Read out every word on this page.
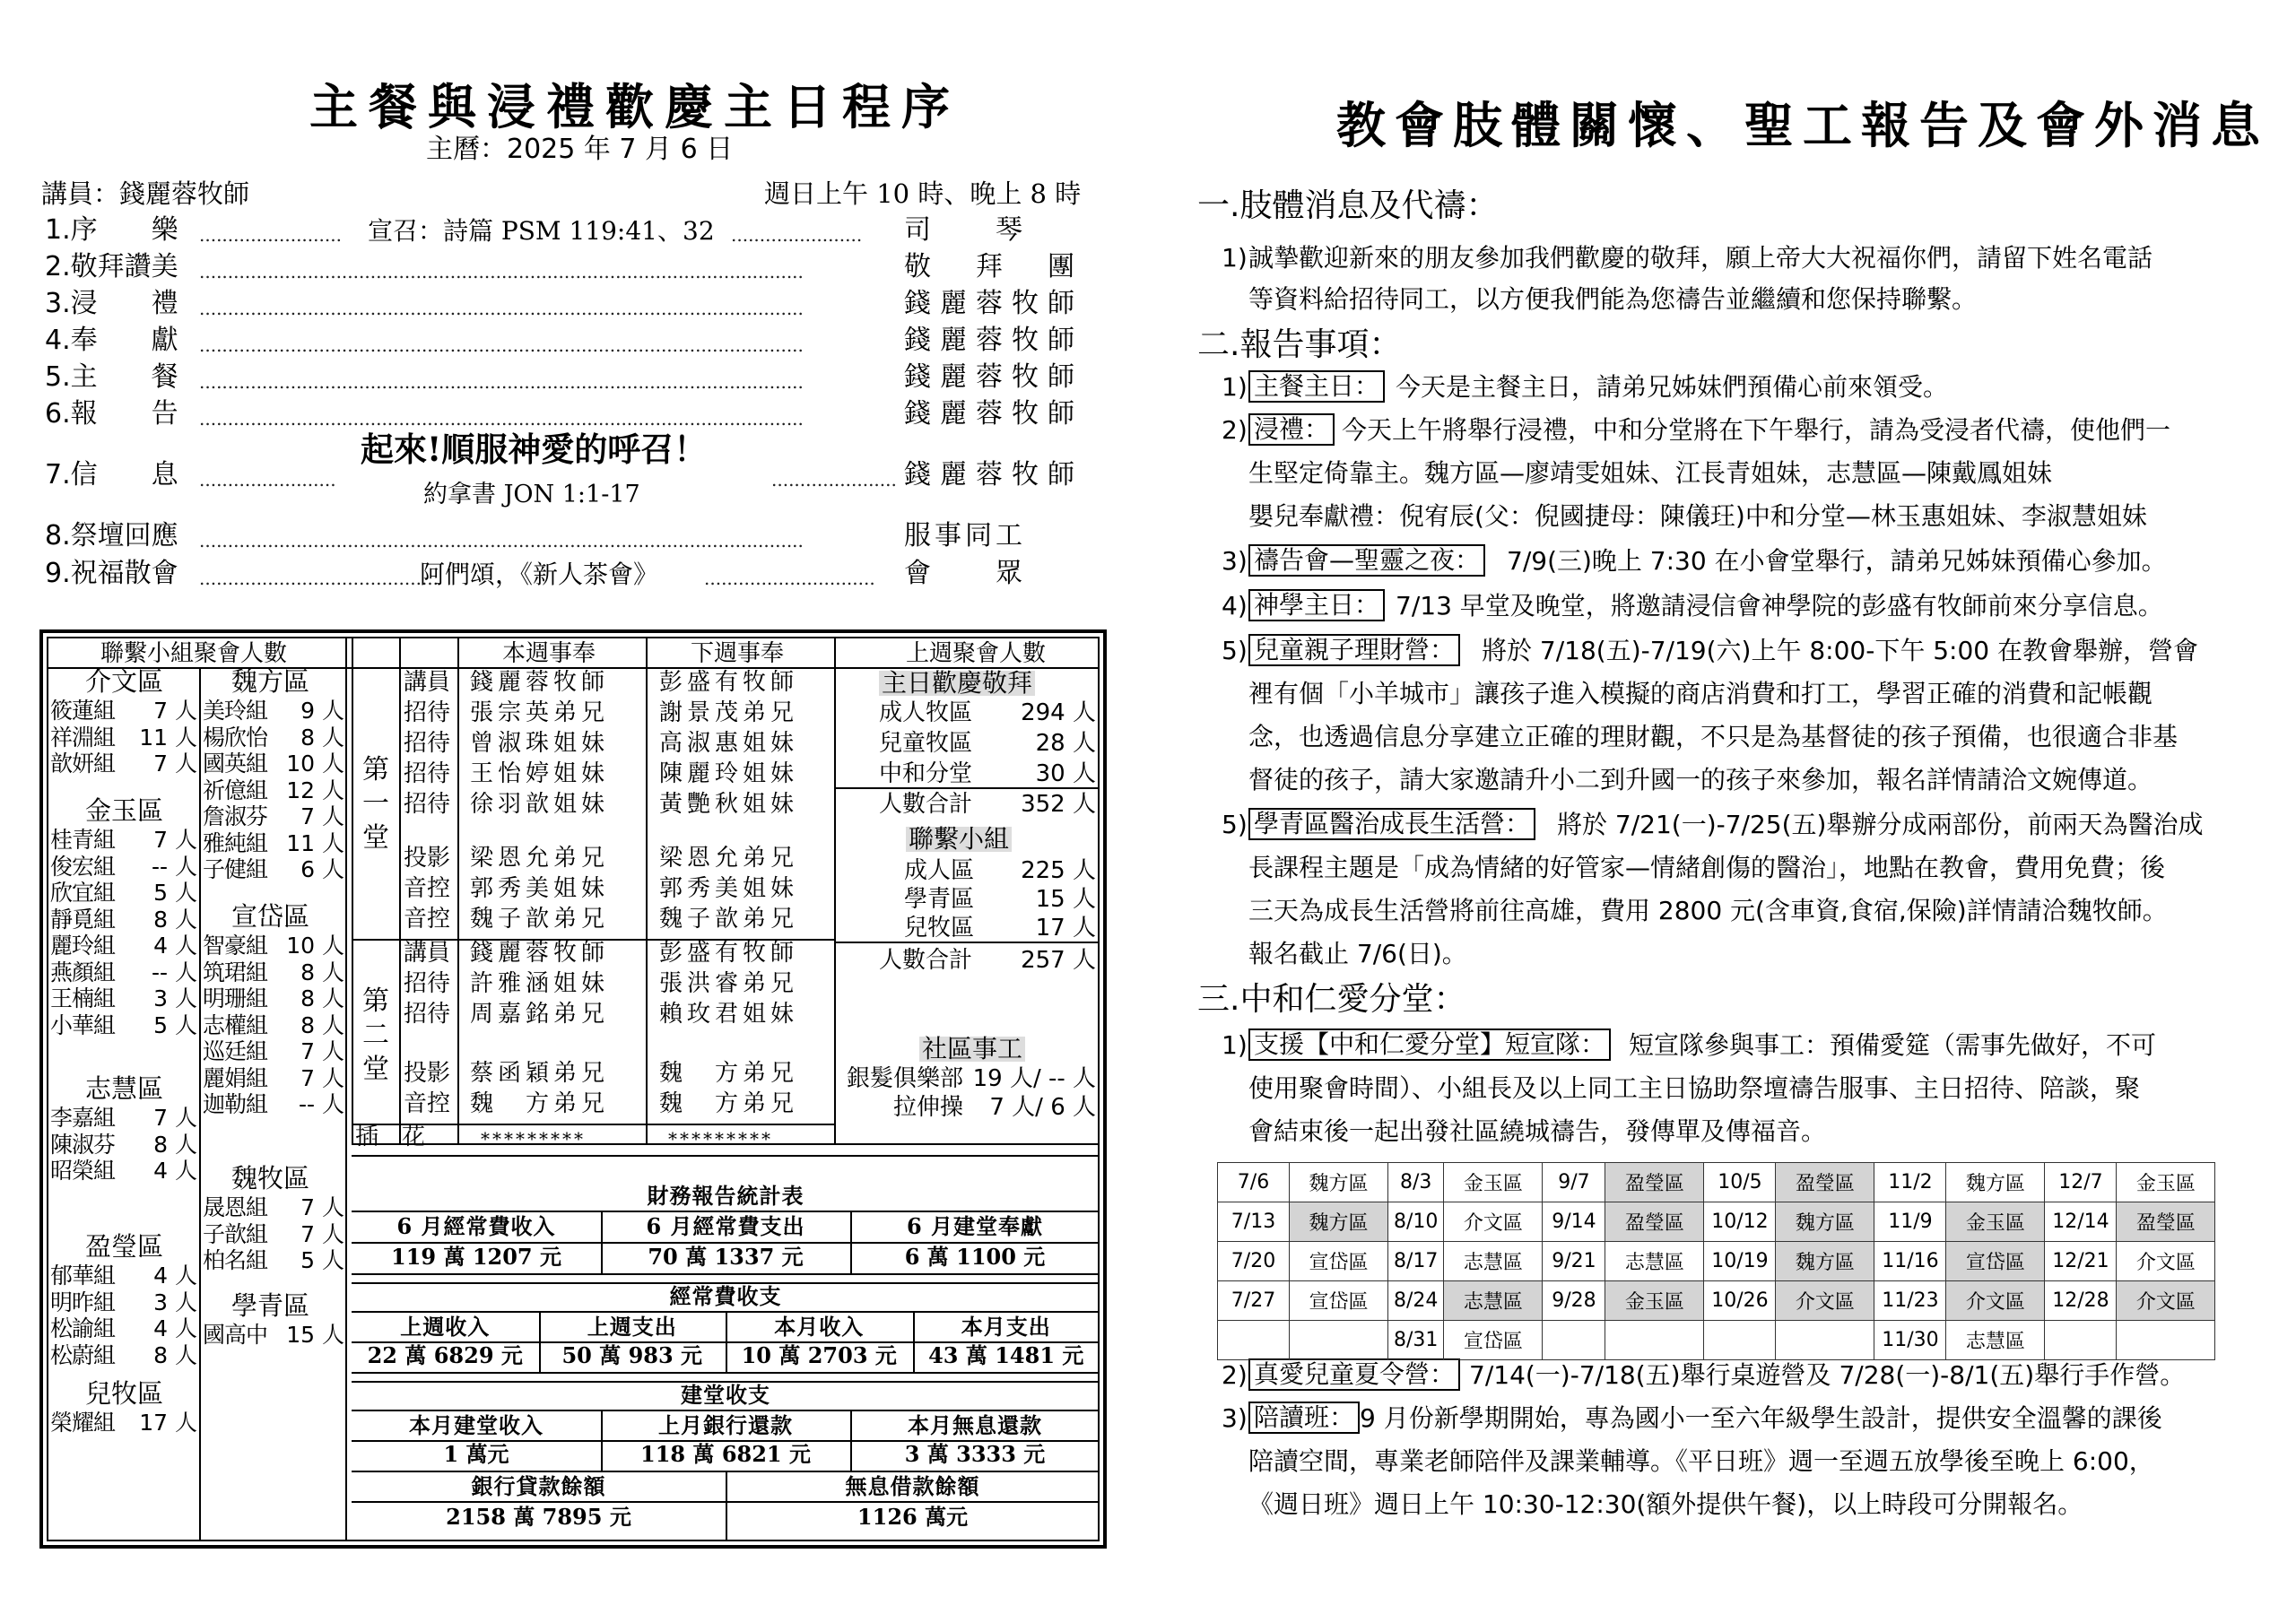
主餐與浸禮歡慶主日程序
主曆：2025 年 7 月 6 日
講員：錢麗蓉牧師	週日上午 10 時、晚上 8 時
1.序　　樂	司　　琴
......................... 宣召：詩篇 PSM 119:41、32 .......................
2.敬拜讚美	敬　拜　團
..........................................................................................................
3.浸　　禮	錢麗蓉牧師
..........................................................................................................
4.奉　　獻	錢麗蓉牧師
..........................................................................................................
5.主　　餐	錢麗蓉牧師
..........................................................................................................
6.報　　告	錢麗蓉牧師
..........................................................................................................
7.信　　息	錢麗蓉牧師
........................
起來!順服神愛的呼召！
約拿書 JON 1:1-17
......................
8.祭壇回應	服事同工
..........................................................................................................
9.祝福散會	會　　眾
..........................................
阿們頌，《新人茶會》	..............................
聯繫小組聚會人數	本週事奉	下週事奉	上週聚會人數
介文區
筱蓮組	7 人
祥淵組	11 人
歆妍組	7 人
金玉區
桂青組	7 人
俊宏組	-- 人
欣宜組	5 人
靜覓組	8 人
麗玲組	4 人
燕顏組	-- 人
王楠組	3 人
小華組	5 人
志慧區
李嘉組	7 人
陳淑芬	8 人
昭榮組	4 人
盈瑩區
郁華組	4 人
明昨組	3 人
松諭組	4 人
松蔚組	8 人
兒牧區
榮耀組	17 人
魏方區
美玲組	9 人
楊欣怡	8 人
國英組 10 人
祈億組 12 人
詹淑芬	7 人
雅純組 11 人
子健組	6 人
宣岱區
智豪組 10 人
筑珺組	8 人
明珊組	8 人
志權組	8 人
巡廷組	7 人
麗娟組	7 人
迦勒組	-- 人
魏牧區
晟恩組	7 人
子歆組	7 人
柏名組	5 人
學青區
國高中 15 人
講員 錢麗蓉牧師 彭盛有牧師
招待 張宗英弟兄 謝景茂弟兄
招待 曾淑珠姐妹 高淑惠姐妹
招待 王怡婷姐妹 陳麗玲姐妹
招待 徐羽歆姐妹 黃艷秋姐妹
投影 梁恩允弟兄 梁恩允弟兄
音控 郭秀美姐妹 郭秀美姐妹
音控 魏子歆弟兄 魏子歆弟兄
講員 錢麗蓉牧師 彭盛有牧師
招待 許雅涵姐妹 張洪睿弟兄
招待 周嘉銘弟兄 賴玫君姐妹
投影 蔡函穎弟兄 魏　方弟兄
音控 魏　方弟兄 魏　方弟兄
第一堂
第二堂
插　花	*********	*********
主日歡慶敬拜
成人牧區	294 人
兒童牧區	28 人
中和分堂	30 人
人數合計	352 人
聯繫小組
成人區	225 人
學青區	15 人
兒牧區	17 人
人數合計	257 人
社區事工
銀髮俱樂部 19 人/ -- 人
拉伸操	7 人/ 6 人
財務報告統計表
6 月經常費收入	6 月經常費支出	6 月建堂奉獻
119 萬 1207 元	70 萬 1337 元	6 萬 1100 元
經常費收支
上週收入	上週支出	本月收入	本月支出
22 萬 6829 元	50 萬 983 元	10 萬 2703 元	43 萬 1481 元
建堂收支
本月建堂收入	上月銀行還款	本月無息還款
1 萬元	118 萬 6821 元	3 萬 3333 元
銀行貸款餘額	無息借款餘額
2158 萬 7895 元	1126 萬元
教會肢體關懷、聖工報告及會外消息
一.肢體消息及代禱：
1) 誠摯歡迎新來的朋友參加我們歡慶的敬拜，願上帝大大祝福你們，請留下姓名電話
等資料給招待同工，以方便我們能為您禱告並繼續和您保持聯繫。
二.報告事項：
1) 主餐主日： 今天是主餐主日，請弟兄姊妹們預備心前來領受。
2) 浸禮： 今天上午將舉行浸禮，中和分堂將在下午舉行，請為受浸者代禱，使他們一
生堅定倚靠主。魏方區—廖靖雯姐妹、江長青姐妹，志慧區—陳戴鳳姐妹
嬰兒奉獻禮：倪宥辰(父：倪國捷母：陳儀玨)中和分堂—林玉惠姐妹、李淑慧姐妹
3) 禱告會—聖靈之夜： 7/9(三)晚上 7:30 在小會堂舉行，請弟兄姊妹預備心參加。
4) 神學主日： 7/13 早堂及晚堂，將邀請浸信會神學院的彭盛有牧師前來分享信息。
5) 兒童親子理財營： 將於 7/18(五)-7/19(六)上午 8:00-下午 5:00 在教會舉辦，營會
裡有個「小羊城市」讓孩子進入模擬的商店消費和打工，學習正確的消費和記帳觀
念，也透過信息分享建立正確的理財觀，不只是為基督徒的孩子預備，也很適合非基
督徒的孩子，請大家邀請升小二到升國一的孩子來參加，報名詳情請洽文婉傳道。
5) 學青區醫治成長生活營： 將於 7/21(一)-7/25(五)舉辦分成兩部份，前兩天為醫治成
長課程主題是「成為情緒的好管家—情緒創傷的醫治」，地點在教會，費用免費；後
三天為成長生活營將前往高雄，費用 2800 元(含車資,食宿,保險)詳情請洽魏牧師。
報名截止 7/6(日)。
三.中和仁愛分堂：
1) 支援【中和仁愛分堂】短宣隊： 短宣隊參與事工：預備愛筵（需事先做好，不可
使用聚會時間）、小組長及以上同工主日協助祭壇禱告服事、主日招待、陪談，聚
會結束後一起出發社區繞城禱告，發傳單及傳福音。
2) 真愛兒童夏令營： 7/14(一)-7/18(五)舉行桌遊營及 7/28(一)-8/1(五)舉行手作營。
3) 陪讀班： 9 月份新學期開始，專為國小一至六年級學生設計，提供安全溫馨的課後
陪讀空間，專業老師陪伴及課業輔導。《平日班》週一至週五放學後至晚上 6:00，
《週日班》週日上午 10:30-12:30(額外提供午餐)，以上時段可分開報名。
7/6	魏方區	8/3	金玉區	9/7	盈瑩區	10/5	盈瑩區	11/2	魏方區	12/7	金玉區
7/13	魏方區	8/10	介文區	9/14	盈瑩區	10/12	魏方區	11/9	金玉區	12/14	盈瑩區
7/20	宣岱區	8/17	志慧區	9/21	志慧區	10/19	魏方區	11/16	宣岱區	12/21	介文區
7/27	宣岱區	8/24	志慧區	9/28	金玉區	10/26	介文區	11/23	介文區	12/28	介文區
		8/31	宣岱區					11/30	志慧區		
